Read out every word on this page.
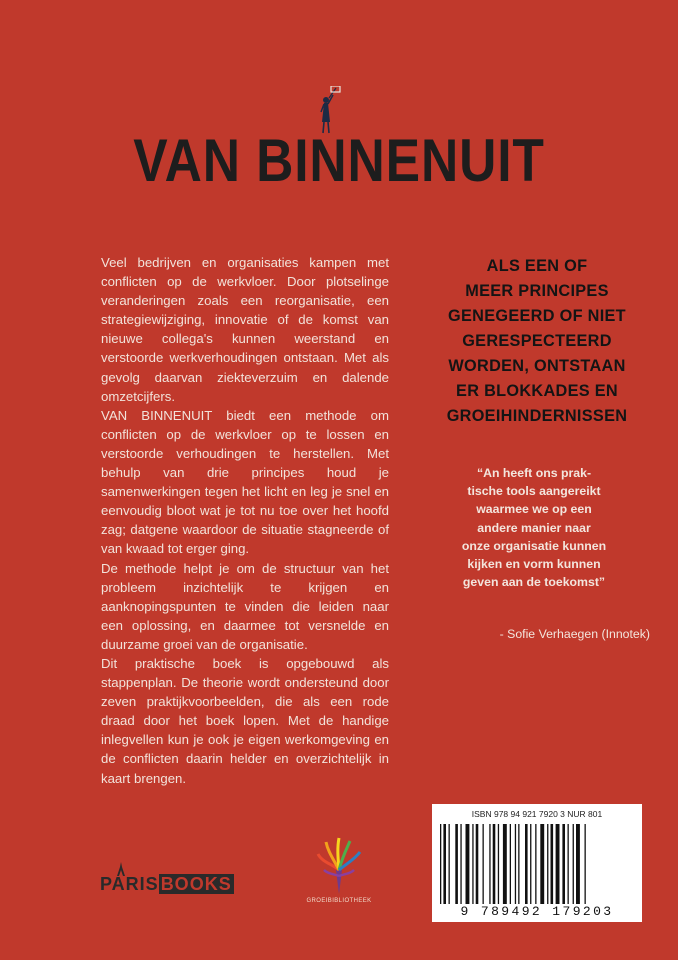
VAN BINNENUIT

Veel bedrijven en organisaties kampen met conflicten op de werkvloer. Door plotselinge veranderingen zoals een reorganisatie, een strategiewijziging, innovatie of de komst van nieuwe collega's kunnen weerstand en verstoorde werkverhoudingen ontstaan. Met als gevolg daarvan ziekteverzuim en dalende omzetcijfers.

VAN BINNENUIT biedt een methode om conflicten op de werkvloer op te lossen en verstoorde verhoudingen te herstellen. Met behulp van drie principes houd je samenwerkingen tegen het licht en leg je snel en eenvoudig bloot wat je tot nu toe over het hoofd zag; datgene waardoor de situatie stagneerde of van kwaad tot erger ging.

De methode helpt je om de structuur van het probleem inzichtelijk te krijgen en aanknopingspunten te vinden die leiden naar een oplossing, en daarmee tot versnelde en duurzame groei van de organisatie.

Dit praktische boek is opgebouwd als stappenplan. De theorie wordt ondersteund door zeven praktijkvoorbeelden, die als een rode draad door het boek lopen. Met de handige inlegvellen kun je ook je eigen werkomgeving en de conflicten daarin helder en overzichtelijk in kaart brengen.

ALS EEN OF
MEER PRINCIPES
GENEGEERD OF NIET
GERESPECTEERD
WORDEN, ONTSTAAN
ER BLOKKADES EN
GROEIHINDERNISSEN
“An heeft ons prak-
tische tools aangereikt
waarmee we op een
andere manier naar
onze organisatie kunnen
kijken en vorm kunnen
geven aan de toekomst”
- Sofie Verhaegen (Innotek)
PARIS BOOKS
GROEIBIBLIOTHEEK
ISBN 978 94 921 7920 3 NUR 801
9 789492 179203
